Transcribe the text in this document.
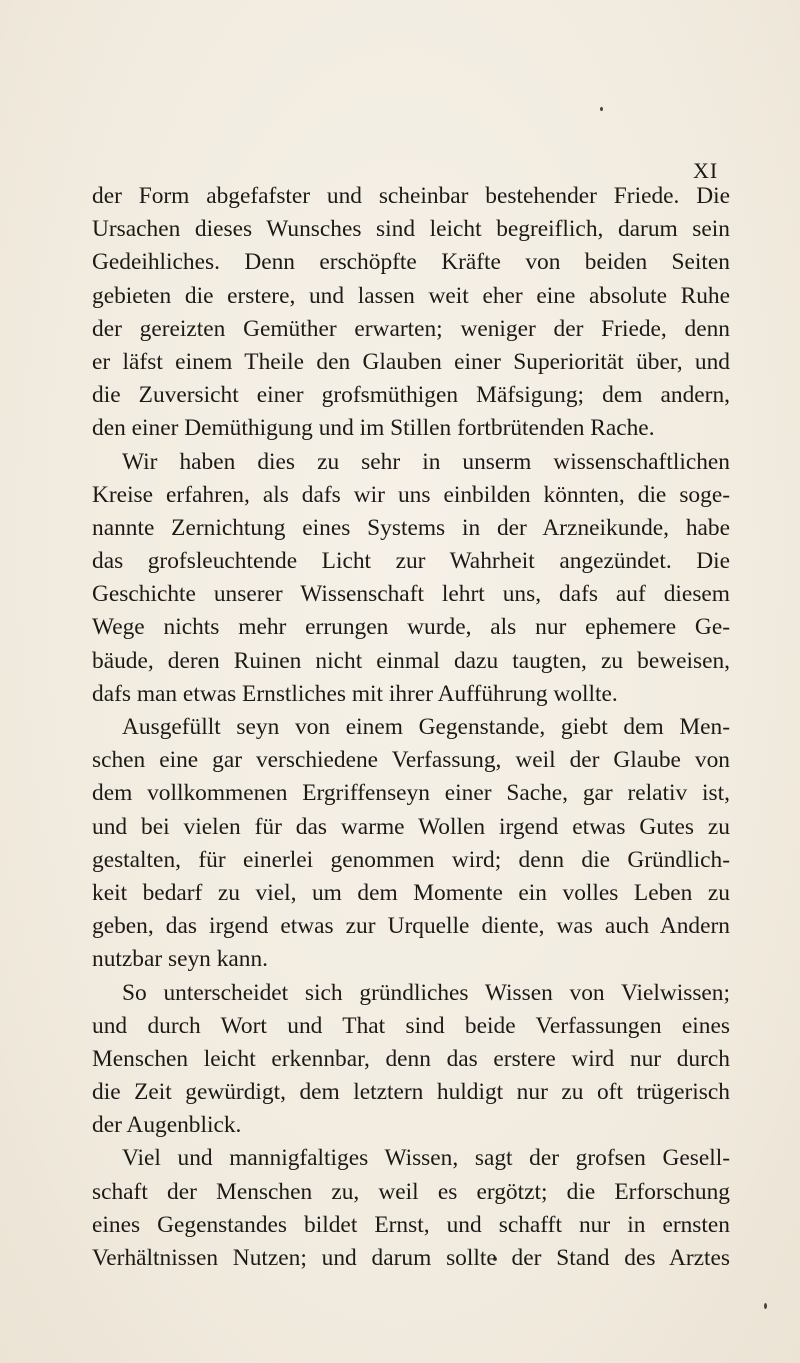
XI
der Form abgefafster und scheinbar bestehender Friede. Die
Ursachen dieses Wunsches sind leicht begreiflich, darum sein
Gedeihliches. Denn erschöpfte Kräfte von beiden Seiten
gebieten die erstere, und lassen weit eher eine absolute Ruhe
der gereizten Gemüther erwarten; weniger der Friede, denn
er läfst einem Theile den Glauben einer Superiorität über, und
die Zuversicht einer grofsmüthigen Mäfsigung; dem andern,
den einer Demüthigung und im Stillen fortbrütenden Rache.
Wir haben dies zu sehr in unserm wissenschaftlichen
Kreise erfahren, als dafs wir uns einbilden könnten, die soge-
nannte Zernichtung eines Systems in der Arzneikunde, habe
das grofsleuchtende Licht zur Wahrheit angezündet. Die
Geschichte unserer Wissenschaft lehrt uns, dafs auf diesem
Wege nichts mehr errungen wurde, als nur ephemere Ge-
bäude, deren Ruinen nicht einmal dazu taugten, zu beweisen,
dafs man etwas Ernstliches mit ihrer Aufführung wollte.
Ausgefüllt seyn von einem Gegenstande, giebt dem Men-
schen eine gar verschiedene Verfassung, weil der Glaube von
dem vollkommenen Ergriffenseyn einer Sache, gar relativ ist,
und bei vielen für das warme Wollen irgend etwas Gutes zu
gestalten, für einerlei genommen wird; denn die Gründlich-
keit bedarf zu viel, um dem Momente ein volles Leben zu
geben, das irgend etwas zur Urquelle diente, was auch Andern
nutzbar seyn kann.
So unterscheidet sich gründliches Wissen von Vielwissen;
und durch Wort und That sind beide Verfassungen eines
Menschen leicht erkennbar, denn das erstere wird nur durch
die Zeit gewürdigt, dem letztern huldigt nur zu oft trügerisch
der Augenblick.
Viel und mannigfaltiges Wissen, sagt der grofsen Gesell-
schaft der Menschen zu, weil es ergötzt; die Erforschung
eines Gegenstandes bildet Ernst, und schafft nur in ernsten
Verhältnissen Nutzen; und darum sollte der Stand des Arztes
